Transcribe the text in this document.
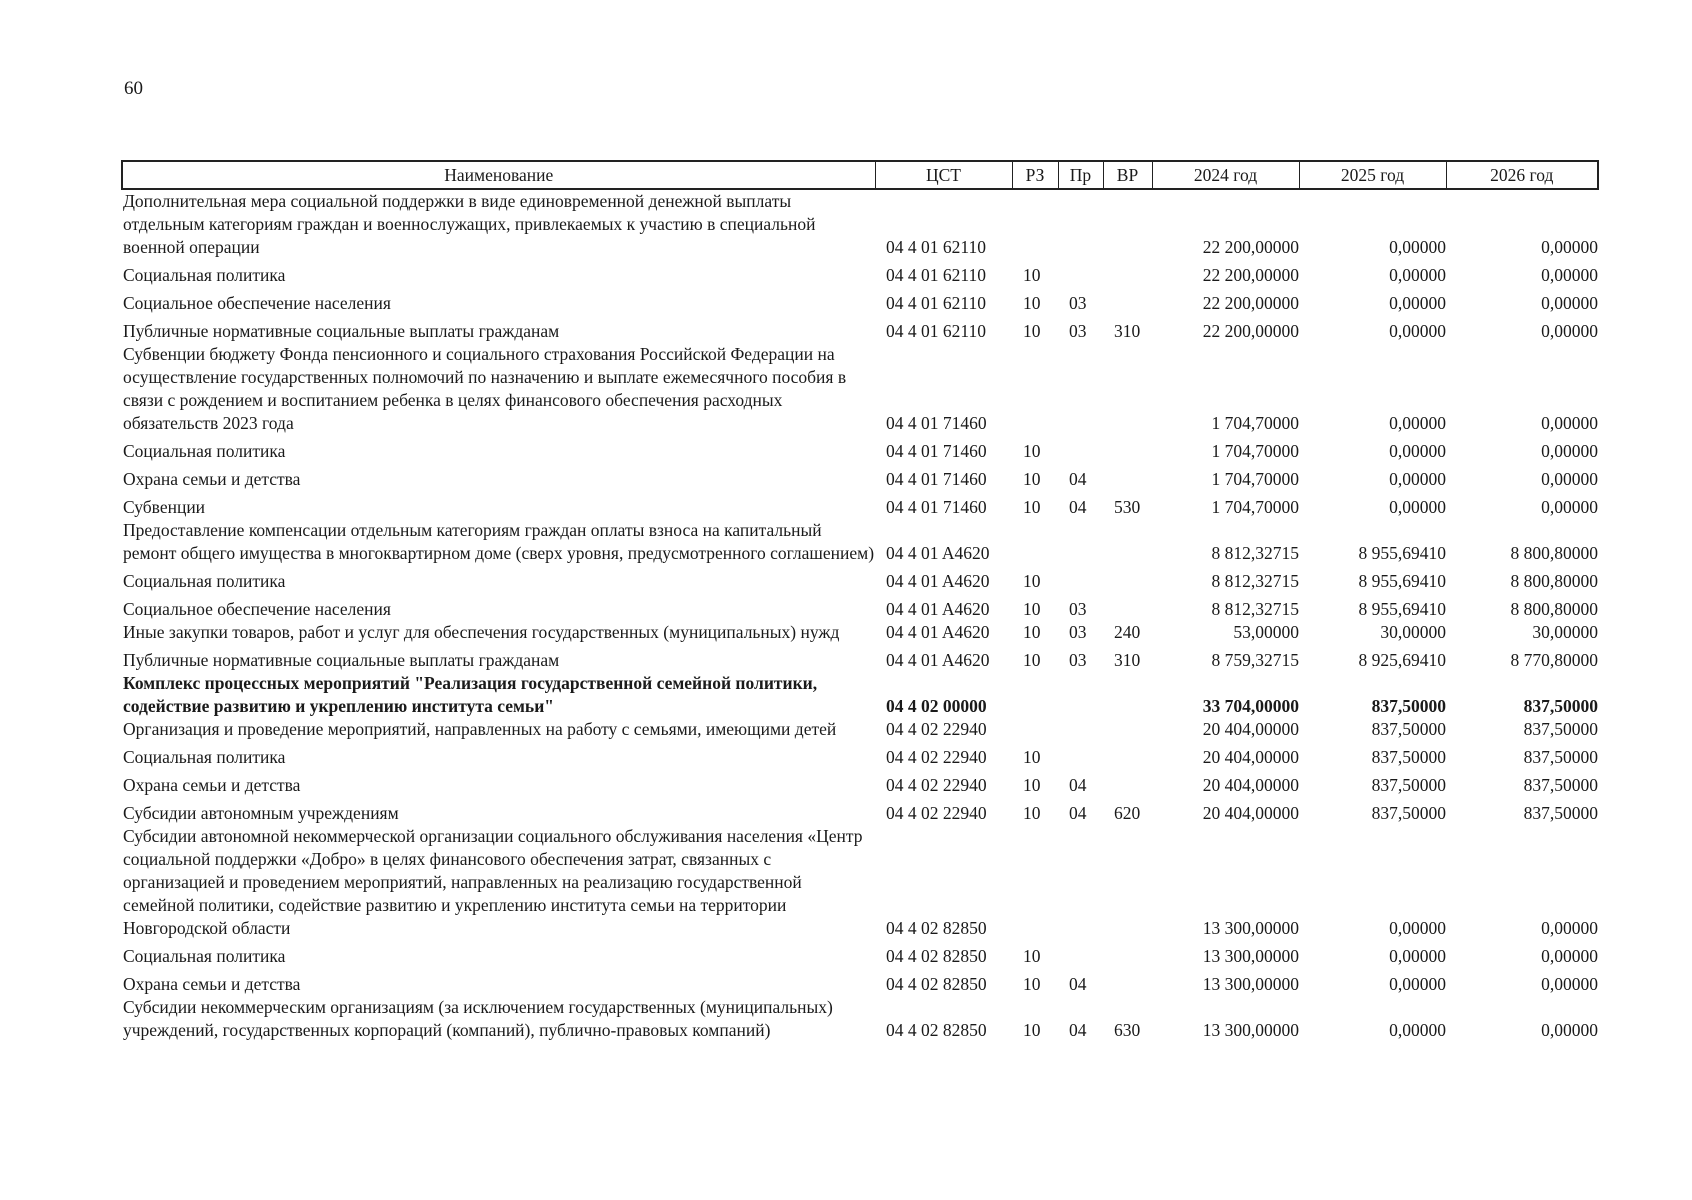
60
Наименование	ЦСТ	РЗ	Пр	ВР	2024 год	2025 год	2026 год
Дополнительная мера социальной поддержки в виде единовременной денежной выплаты отдельным категориям граждан и военнослужащих, привлекаемых к участию в специальной военной операции	04 4 01 62110				22 200,00000	0,00000	0,00000
Социальная политика	04 4 01 62110	10			22 200,00000	0,00000	0,00000
Социальное обеспечение населения	04 4 01 62110	10	03		22 200,00000	0,00000	0,00000
Публичные нормативные социальные выплаты гражданам	04 4 01 62110	10	03	310	22 200,00000	0,00000	0,00000
Субвенции бюджету Фонда пенсионного и социального страхования Российской Федерации на осуществление государственных полномочий по назначению и выплате ежемесячного пособия в связи с рождением и воспитанием ребенка в целях финансового обеспечения расходных обязательств 2023 года	04 4 01 71460				1 704,70000	0,00000	0,00000
Социальная политика	04 4 01 71460	10			1 704,70000	0,00000	0,00000
Охрана семьи и детства	04 4 01 71460	10	04		1 704,70000	0,00000	0,00000
Субвенции	04 4 01 71460	10	04	530	1 704,70000	0,00000	0,00000
Предоставление компенсации отдельным категориям граждан оплаты взноса на капитальный ремонт общего имущества в многоквартирном доме (сверх уровня, предусмотренного соглашением)	04 4 01 A4620				8 812,32715	8 955,69410	8 800,80000
Социальная политика	04 4 01 A4620	10			8 812,32715	8 955,69410	8 800,80000
Социальное обеспечение населения	04 4 01 A4620	10	03		8 812,32715	8 955,69410	8 800,80000
Иные закупки товаров, работ и услуг для обеспечения государственных (муниципальных) нужд	04 4 01 A4620	10	03	240	53,00000	30,00000	30,00000
Публичные нормативные социальные выплаты гражданам	04 4 01 A4620	10	03	310	8 759,32715	8 925,69410	8 770,80000
Комплекс процессных мероприятий "Реализация государственной семейной политики, содействие развитию и укреплению института семьи"	04 4 02 00000				33 704,00000	837,50000	837,50000
Организация и проведение мероприятий, направленных на работу с семьями, имеющими детей	04 4 02 22940				20 404,00000	837,50000	837,50000
Социальная политика	04 4 02 22940	10			20 404,00000	837,50000	837,50000
Охрана семьи и детства	04 4 02 22940	10	04		20 404,00000	837,50000	837,50000
Субсидии автономным учреждениям	04 4 02 22940	10	04	620	20 404,00000	837,50000	837,50000
Субсидии автономной некоммерческой организации социального обслуживания населения «Центр социальной поддержки «Добро» в целях финансового обеспечения затрат, связанных с организацией и проведением мероприятий, направленных на реализацию государственной семейной политики, содействие развитию и укреплению института семьи на территории Новгородской области	04 4 02 82850				13 300,00000	0,00000	0,00000
Социальная политика	04 4 02 82850	10			13 300,00000	0,00000	0,00000
Охрана семьи и детства	04 4 02 82850	10	04		13 300,00000	0,00000	0,00000
Субсидии некоммерческим организациям (за исключением государственных (муниципальных) учреждений, государственных корпораций (компаний), публично-правовых компаний)	04 4 02 82850	10	04	630	13 300,00000	0,00000	0,00000
